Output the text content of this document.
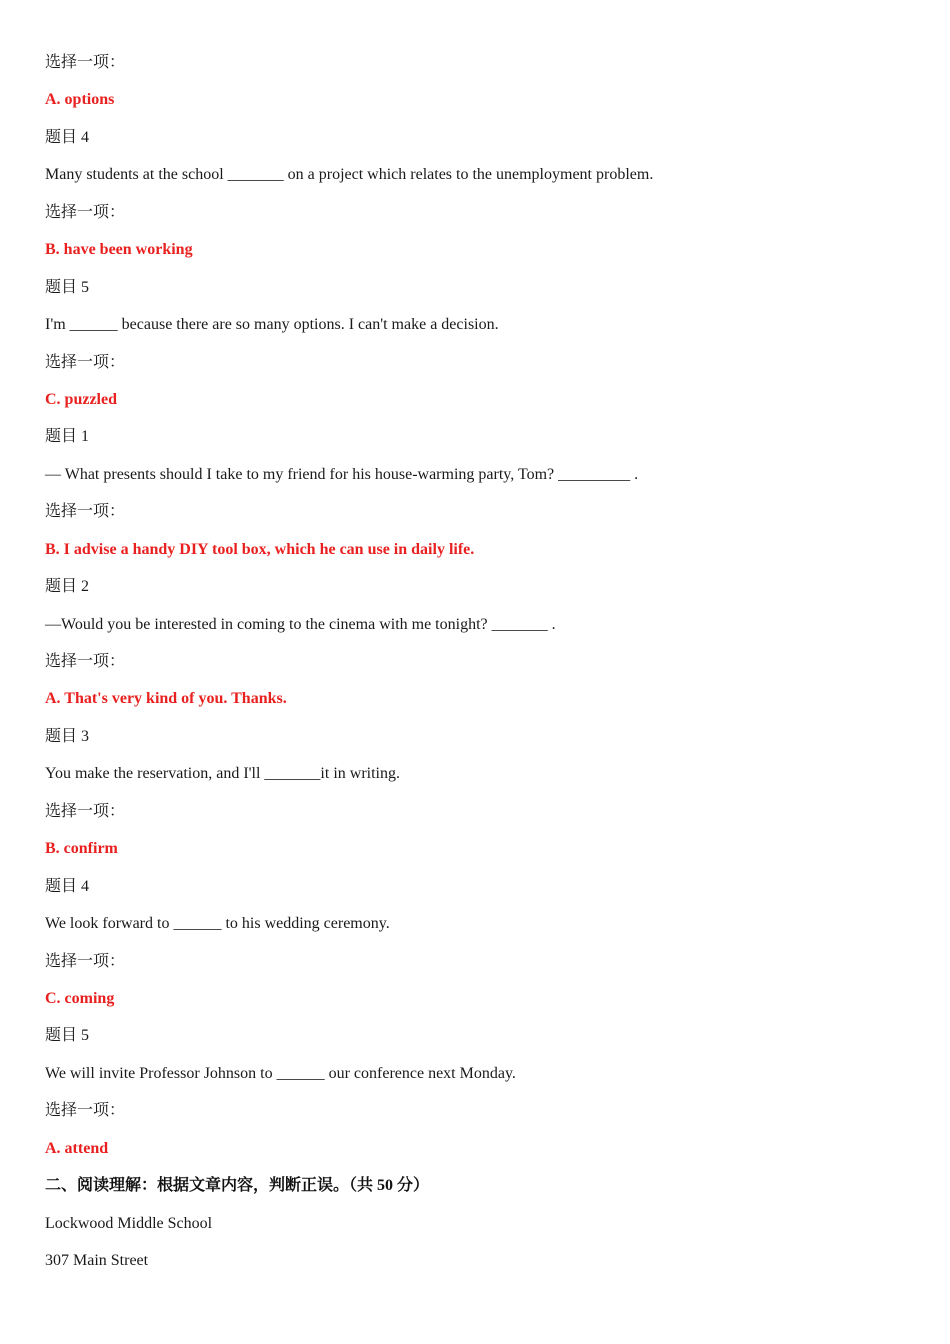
选择一项：
A. options
题目 4
Many students at the school _______ on a project which relates to the unemployment problem.
选择一项：
B. have been working
题目 5
I'm ______ because there are so many options. I can't make a decision.
选择一项：
C. puzzled
题目 1
— What presents should I take to my friend for his house-warming party, Tom? _________ .
选择一项：
B. I advise a handy DIY tool box, which he can use in daily life.
题目 2
—Would you be interested in coming to the cinema with me tonight? _______ .
选择一项：
A. That's very kind of you. Thanks.
题目 3
You make the reservation, and I'll _______it in writing.
选择一项：
B. confirm
题目 4
We look forward to ______ to his wedding ceremony.
选择一项：
C. coming
题目 5
We will invite Professor Johnson to ______ our conference next Monday.
选择一项：
A. attend
二、阅读理解：根据文章内容，判断正误。（共 50 分）
Lockwood Middle School
307 Main Street
